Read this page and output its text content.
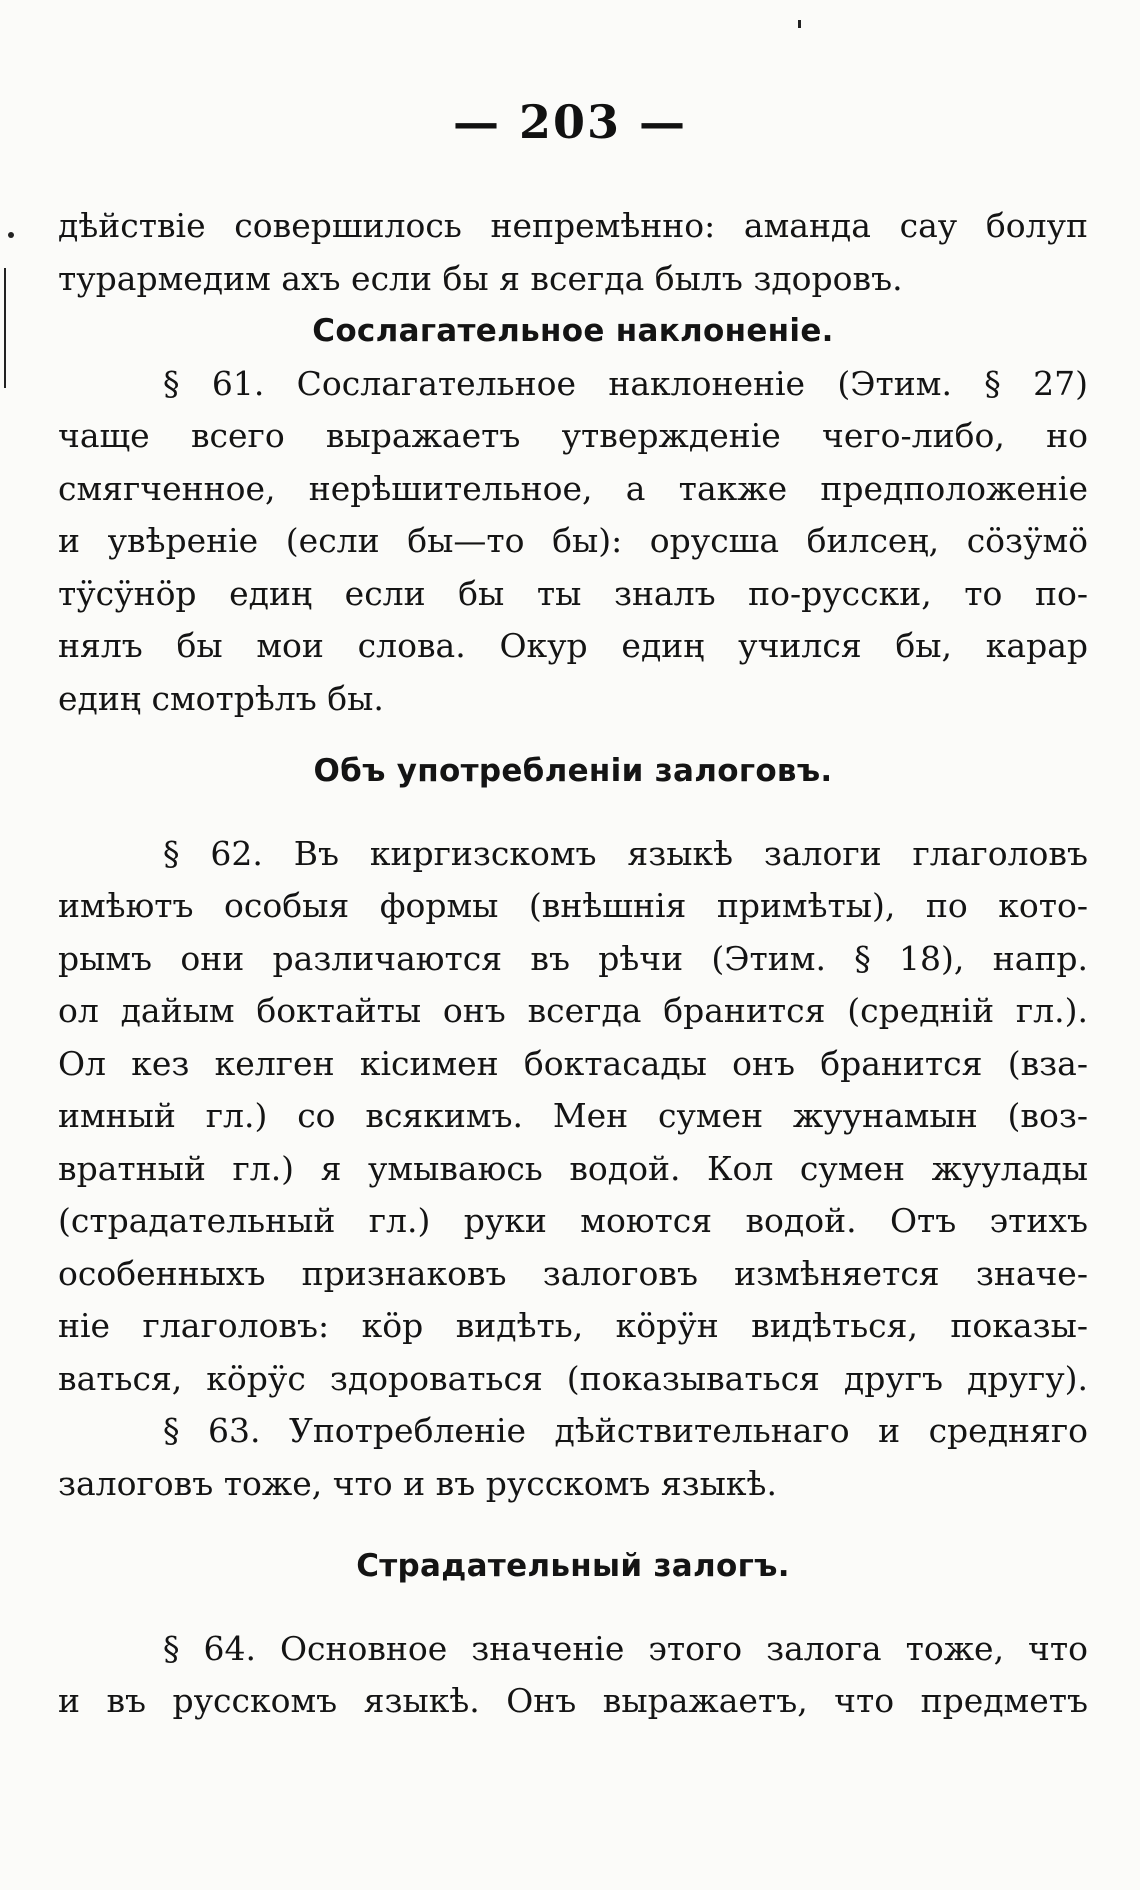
— 203 —
дѣйствіе совершилось непремѣнно: аманда сау болуп
турармедим ахъ если бы я всегда былъ здоровъ.
Сослагательное наклоненіе.
§ 61. Сослагательное наклоненіе (Этим. § 27)
чаще всего выражаетъ утвержденіе чего-либо, но
смягченное, нерѣшительное, а также предположеніе
и увѣреніе (если бы—то бы): орусша билсең, сӧзӱмӧ
тӱсӱнӧр едиң если бы ты зналъ по-русски, то по-
нялъ бы мои слова. Окур едиң учился бы, карар
едиң смотрѣлъ бы.
Объ употребленіи залоговъ.
§ 62. Въ киргизскомъ языкѣ залоги глаголовъ
имѣютъ особыя формы (внѣшнія примѣты), по кото-
рымъ они различаются въ рѣчи (Этим. § 18), напр.
ол дайым боктайты онъ всегда бранится (средній гл.).
Ол кез келген кісимен боктасады онъ бранится (вза-
имный гл.) со всякимъ. Мен сумен жуунамын (воз-
вратный гл.) я умываюсь водой. Кол сумен жуулады
(страдательный гл.) руки моются водой. Отъ этихъ
особенныхъ признаковъ залоговъ измѣняется значе-
ніе глаголовъ: кӧр видѣть, кӧрӱн видѣться, показы-
ваться, кӧрӱс здороваться (показываться другъ другу).
§ 63. Употребленіе дѣйствительнаго и средняго
залоговъ тоже, что и въ русскомъ языкѣ.
Страдательный залогъ.
§ 64. Основное значеніе этого залога тоже, что
и въ русскомъ языкѣ. Онъ выражаетъ, что предметъ
